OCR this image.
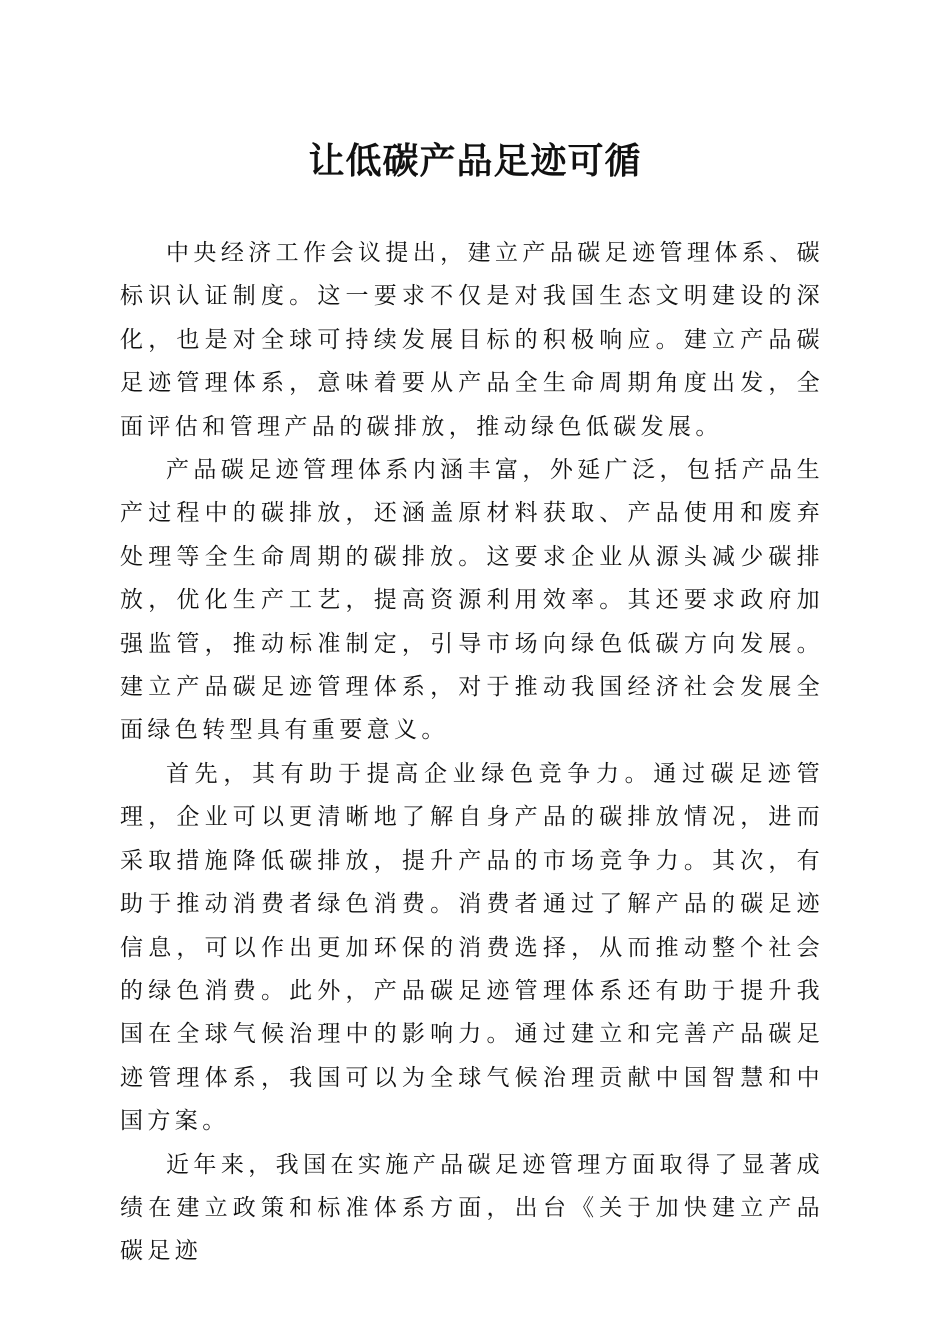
让低碳产品足迹可循

中央经济工作会议提出，建立产品碳足迹管理体系、碳标识认证制度。这一要求不仅是对我国生态文明建设的深化，也是对全球可持续发展目标的积极响应。建立产品碳足迹管理体系，意味着要从产品全生命周期角度出发，全面评估和管理产品的碳排放，推动绿色低碳发展。

产品碳足迹管理体系内涵丰富，外延广泛，包括产品生产过程中的碳排放，还涵盖原材料获取、产品使用和废弃处理等全生命周期的碳排放。这要求企业从源头减少碳排放，优化生产工艺，提高资源利用效率。其还要求政府加强监管，推动标准制定，引导市场向绿色低碳方向发展。建立产品碳足迹管理体系，对于推动我国经济社会发展全面绿色转型具有重要意义。

首先，其有助于提高企业绿色竞争力。通过碳足迹管理，企业可以更清晰地了解自身产品的碳排放情况，进而采取措施降低碳排放，提升产品的市场竞争力。其次，有助于推动消费者绿色消费。消费者通过了解产品的碳足迹信息，可以作出更加环保的消费选择，从而推动整个社会的绿色消费。此外，产品碳足迹管理体系还有助于提升我国在全球气候治理中的影响力。通过建立和完善产品碳足迹管理体系，我国可以为全球气候治理贡献中国智慧和中国方案。

近年来，我国在实施产品碳足迹管理方面取得了显著成绩在建立政策和标准体系方面，出台《关于加快建立产品碳足迹
